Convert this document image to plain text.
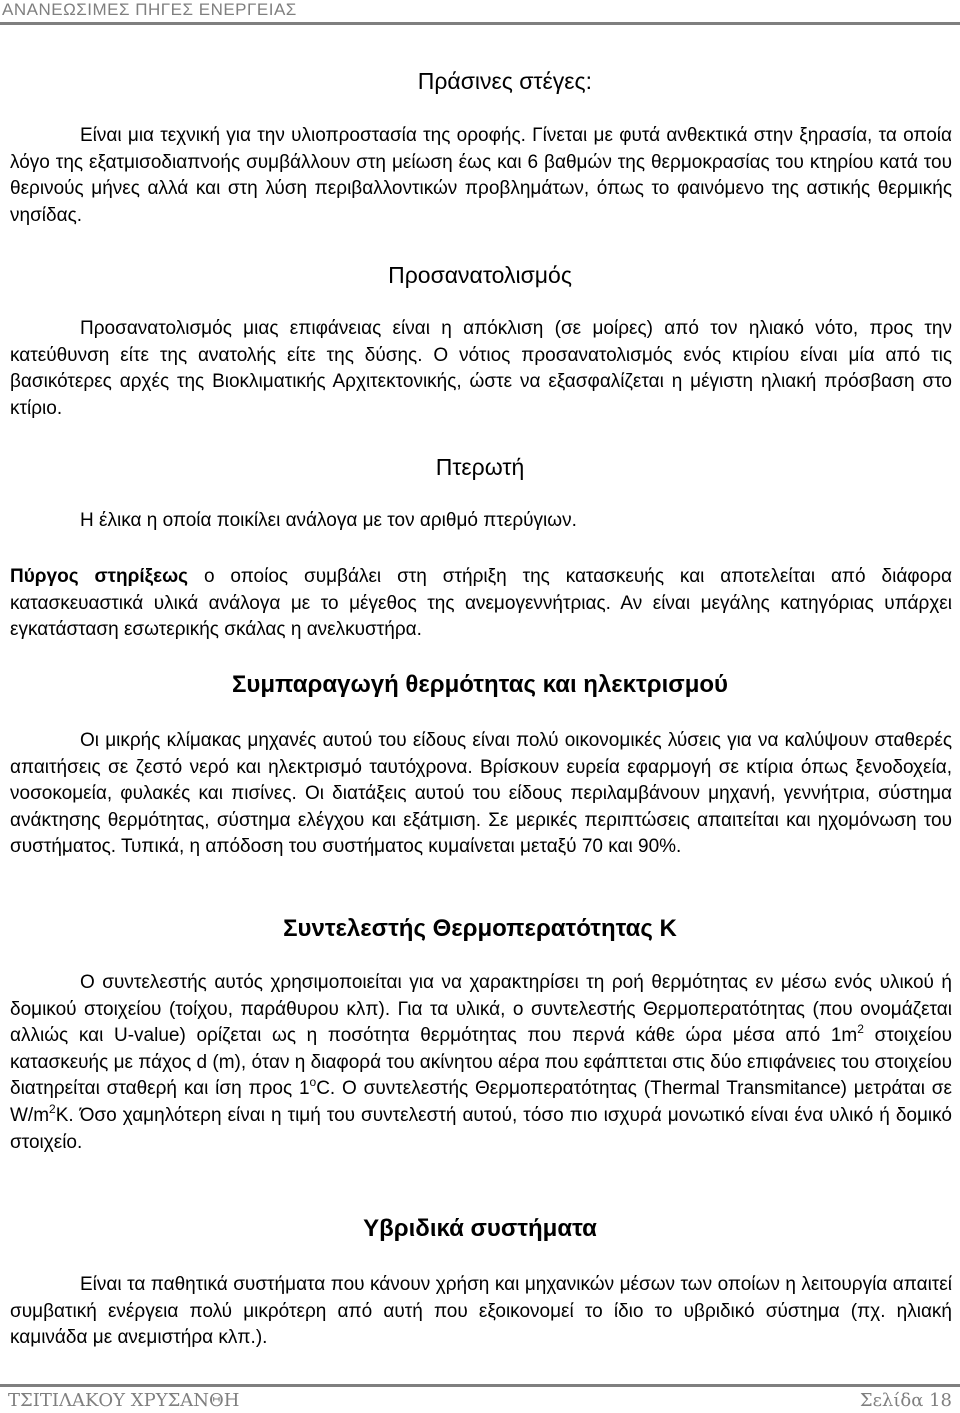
ΑΝΑΝΕΩΣΙΜΕΣ ΠΗΓΕΣ ΕΝΕΡΓΕΙΑΣ
Πράσινες στέγες:

Είναι μια τεχνική για την υλιοπροστασία της οροφής. Γίνεται με φυτά ανθεκτικά στην ξηρασία, τα οποία λόγο της εξατμισοδιαπνοής συμβάλλουν στη μείωση έως και 6 βαθμών της θερμοκρασίας του κτηρίου κατά του θερινούς μήνες αλλά και στη λύση περιβαλλοντικών προβλημάτων, όπως το φαινόμενο της αστικής θερμικής νησίδας.

Προσανατολισμός

Προσανατολισμός μιας επιφάνειας είναι η απόκλιση (σε μοίρες) από τον ηλιακό νότο, προς την κατεύθυνση είτε της ανατολής είτε της δύσης. Ο νότιος προσανατολισμός ενός κτιρίου είναι μία από τις βασικότερες αρχές της Βιοκλιματικής Αρχιτεκτονικής, ώστε να εξασφαλίζεται η μέγιστη ηλιακή πρόσβαση στο κτίριο.

Πτερωτή

Η έλικα η οποία ποικίλει ανάλογα με τον αριθμό πτερύγιων.

Πύργος στηρίξεως ο οποίος συμβάλει στη στήριξη της κατασκευής και αποτελείται από διάφορα κατασκευαστικά υλικά ανάλογα με το μέγεθος της ανεμογεννήτριας. Αν είναι μεγάλης κατηγόριας υπάρχει εγκατάσταση εσωτερικής σκάλας η ανελκυστήρα.

Συμπαραγωγή θερμότητας και ηλεκτρισμού

Οι μικρής κλίμακας μηχανές αυτού του είδους είναι πολύ οικονομικές λύσεις για να καλύψουν σταθερές απαιτήσεις σε ζεστό νερό και ηλεκτρισμό ταυτόχρονα. Βρίσκουν ευρεία εφαρμογή σε κτίρια όπως ξενοδοχεία, νοσοκομεία, φυλακές και πισίνες. Οι διατάξεις αυτού του είδους περιλαμβάνουν μηχανή, γεννήτρια, σύστημα ανάκτησης θερμότητας, σύστημα ελέγχου και εξάτμιση. Σε μερικές περιπτώσεις απαιτείται και ηχομόνωση του συστήματος. Τυπικά, η απόδοση του συστήματος κυμαίνεται μεταξύ 70 και 90%.

Συντελεστής Θερμοπερατότητας K

Ο συντελεστής αυτός χρησιμοποιείται για να χαρακτηρίσει τη ροή θερμότητας εν μέσω ενός υλικού ή δομικού στοιχείου (τοίχου, παράθυρου κλπ). Για τα υλικά, ο συντελεστής Θερμοπερατότητας (που ονομάζεται αλλιώς και U-value) ορίζεται ως η ποσότητα θερμότητας που περνά κάθε ώρα μέσα από $1m^2$ στοιχείου κατασκευής με πάχος d (m), όταν η διαφορά του ακίνητου αέρα που εφάπτεται στις δύο επιφάνειες του στοιχείου διατηρείται σταθερή και ίση προς 1$^o$C. Ο συντελεστής Θερμοπερατότητας (Thermal Transmitance) μετράται σε $W/m^2K$. Όσο χαμηλότερη είναι η τιμή του συντελεστή αυτού, τόσο πιο ισχυρά μονωτικό είναι ένα υλικό ή δομικό στοιχείο.

Υβριδικά συστήματα

Είναι τα παθητικά συστήματα που κάνουν χρήση και μηχανικών μέσων των οποίων η λειτουργία απαιτεί συμβατική ενέργεια πολύ μικρότερη από αυτή που εξοικονομεί το ίδιο το υβριδικό σύστημα (πχ. ηλιακή καμινάδα με ανεμιστήρα κλπ.).

ΤΣΙΤΙΛΑΚΟΥ ΧΡΥΣΑΝΘΗ	Σελίδα 18
